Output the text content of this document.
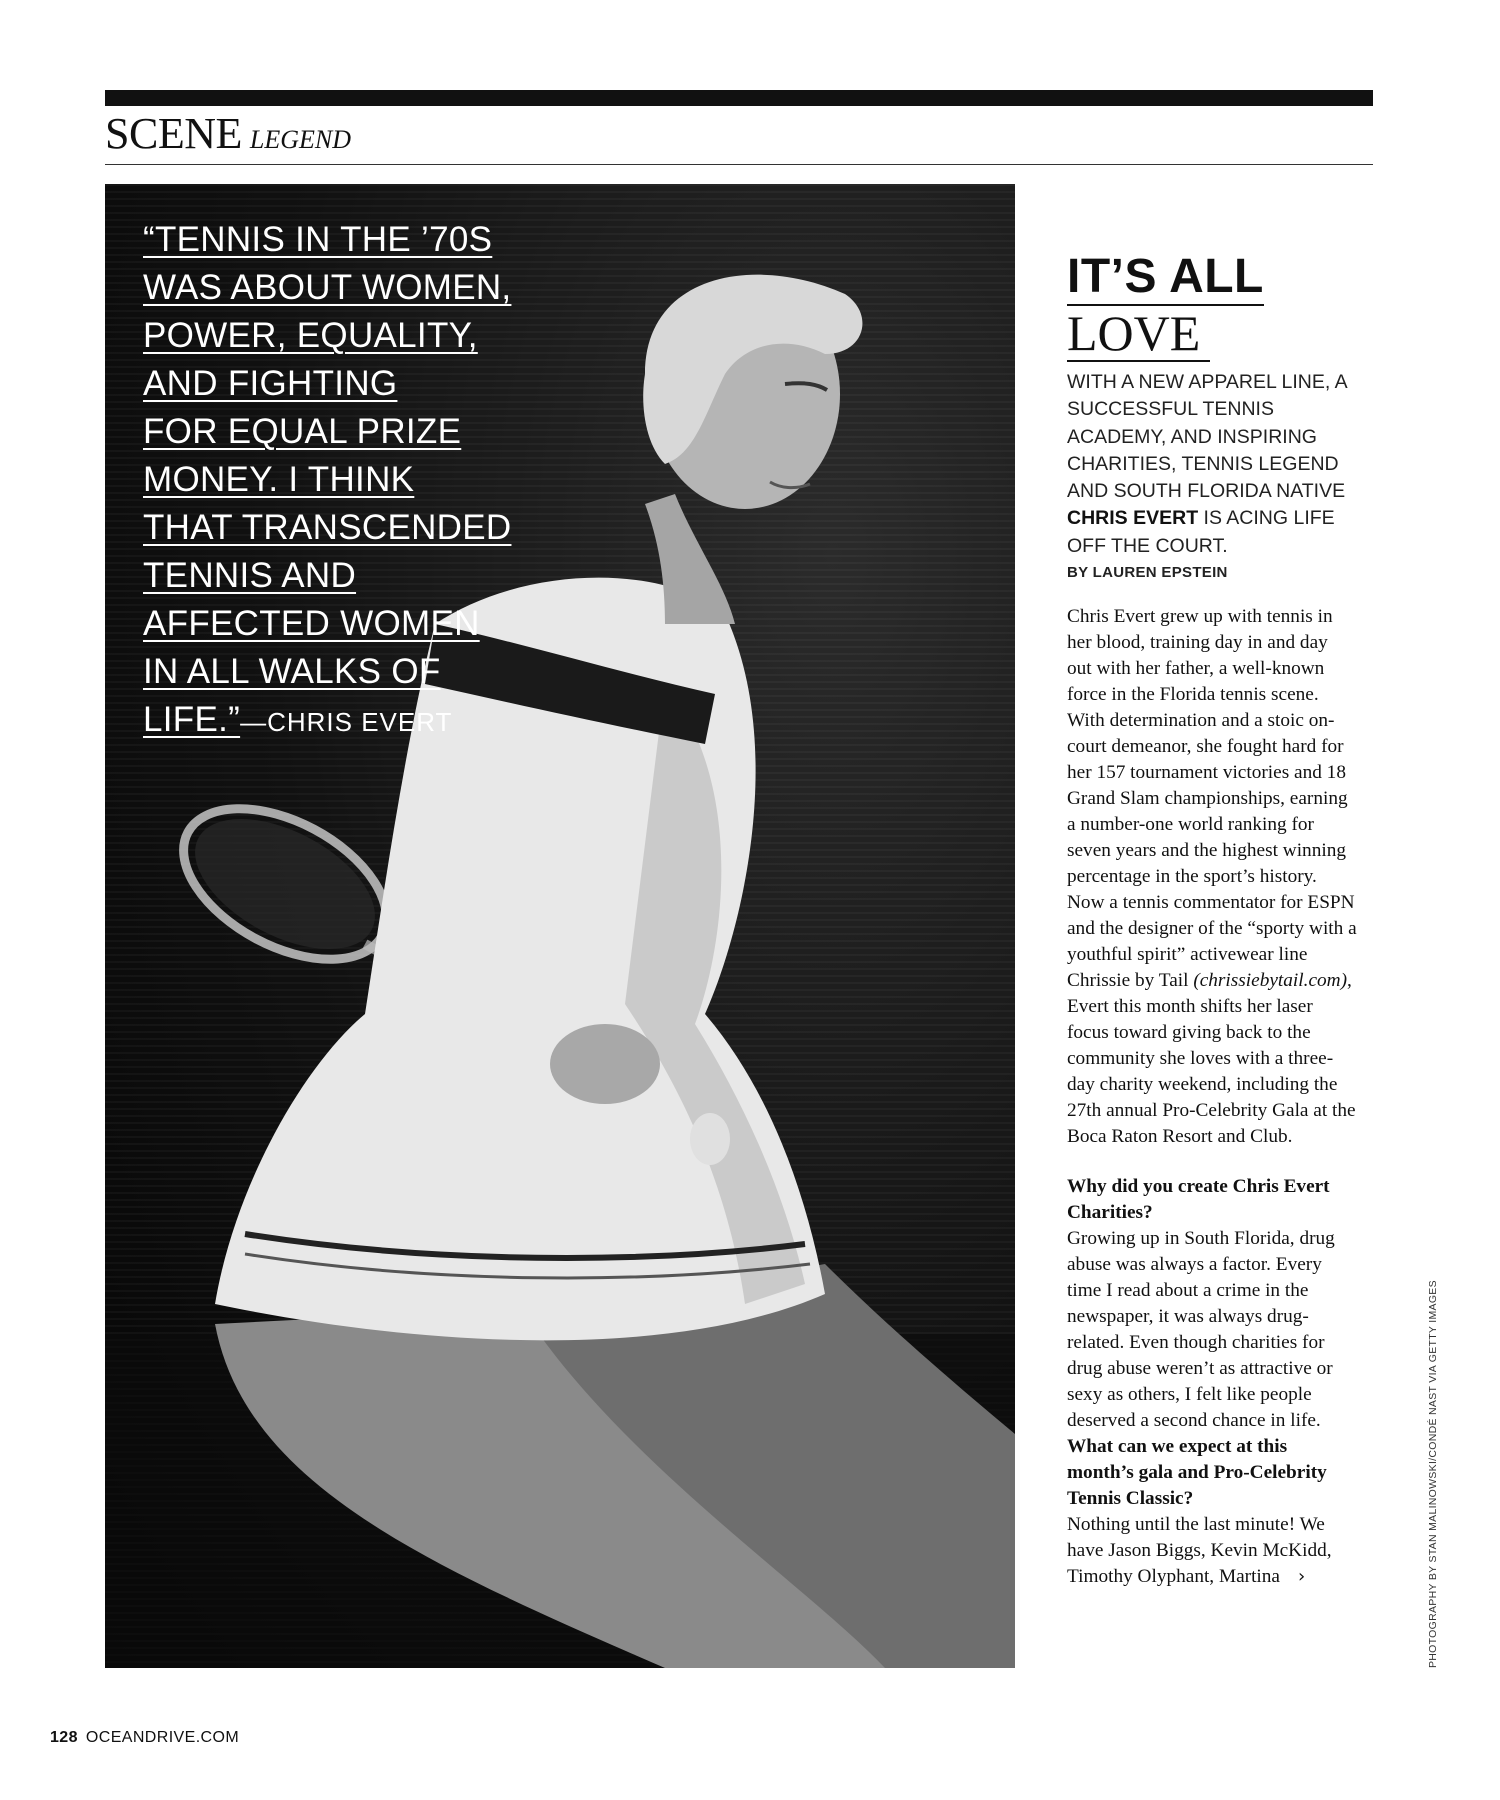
SCENE LEGEND
“TENNIS IN THE ’70S
WAS ABOUT WOMEN,
POWER, EQUALITY,
AND FIGHTING
FOR EQUAL PRIZE
MONEY. I THINK
THAT TRANSCENDED
TENNIS AND
AFFECTED WOMEN
IN ALL WALKS OF
LIFE.”—CHRIS EVERT
IT’S ALL
LOVE
WITH A NEW APPAREL LINE, A SUCCESSFUL TENNIS ACADEMY, AND INSPIRING CHARITIES, TENNIS LEGEND AND SOUTH FLORIDA NATIVE CHRIS EVERT IS ACING LIFE OFF THE COURT.
BY LAUREN EPSTEIN

Chris Evert grew up with tennis in her blood, training day in and day out with her father, a well-known force in the Florida tennis scene. With determination and a stoic on-court demeanor, she fought hard for her 157 tournament victories and 18 Grand Slam championships, earning a number-one world ranking for seven years and the highest winning percentage in the sport’s history. Now a tennis commentator for ESPN and the designer of the “sporty with a youthful spirit” activewear line Chrissie by Tail (chrissiebytail.com), Evert this month shifts her laser focus toward giving back to the community she loves with a three-day charity weekend, including the 27th annual Pro-Celebrity Gala at the Boca Raton Resort and Club.

Why did you create Chris Evert Charities?

Growing up in South Florida, drug abuse was always a factor. Every time I read about a crime in the newspaper, it was always drug-related. Even though charities for drug abuse weren’t as attractive or sexy as others, I felt like people deserved a second chance in life.

What can we expect at this month’s gala and Pro-Celebrity Tennis Classic?

Nothing until the last minute! We have Jason Biggs, Kevin McKidd, Timothy Olyphant, Martina ›	PHOTOGRAPHY BY STAN MALINOWSKI/CONDÉ NAST VIA GETTY IMAGES
128 OCEANDRIVE.COM
